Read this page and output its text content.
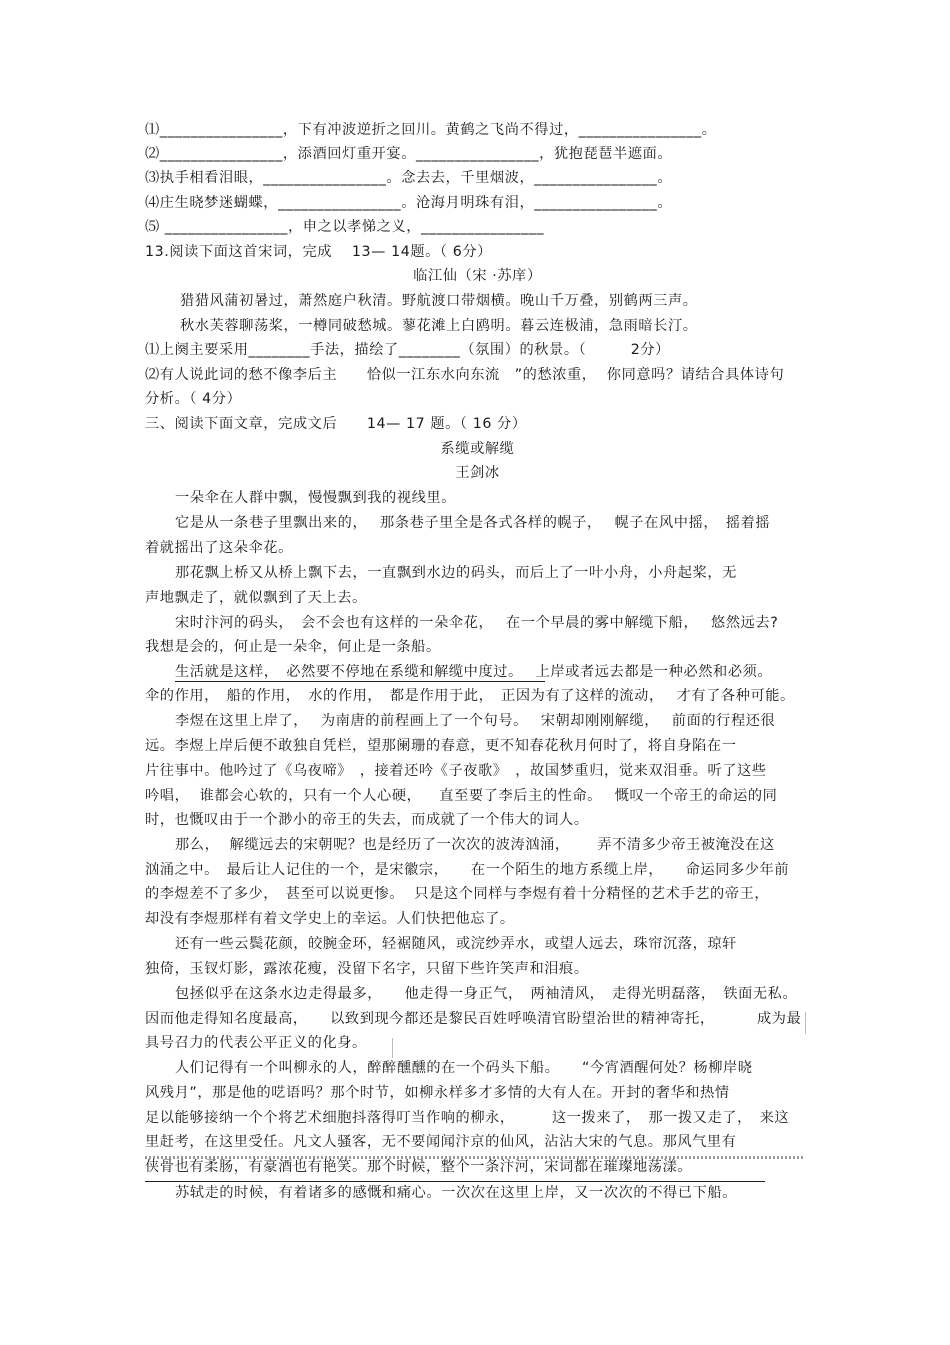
⑴________________，下有冲波逆折之回川。黄鹤之飞尚不得过，________________。
⑵________________，添酒回灯重开宴。________________，犹抱琵琶半遮面。
⑶执手相看泪眼，________________。念去去，千里烟波，________________。
⑷庄生晓梦迷蝴蝶，________________。沧海月明珠有泪，________________。
⑸ ________________，申之以孝悌之义，________________
13.阅读下面这首宋词，完成　 13— 14题。（ 6分）
临江仙（宋 ·苏庠）
猎猎风蒲初暑过，萧然庭户秋清。野航渡口带烟横。晚山千万叠，别鹤两三声。
秋水芙蓉聊荡桨，一樽同破愁城。蓼花滩上白鸥明。暮云连极浦，急雨暗长汀。
⑴上阕主要采用________手法，描绘了________（氛围）的秋景。（　　　2分）
⑵有人说此词的愁不像李后主　　恰似一江东水向东流　”的愁浓重，  你同意吗？请结合具体诗句
分析。（ 4分）
三、阅读下面文章，完成文后　　14— 17 题。（ 16 分）
系缆或解缆
王剑冰
一朵伞在人群中飘，慢慢飘到我的视线里。
它是从一条巷子里飘出来的，　 那条巷子里全是各式各样的幌子，　 幌子在风中摇，　摇着摇
着就摇出了这朵伞花。
那花飘上桥又从桥上飘下去，一直飘到水边的码头，而后上了一叶小舟，小舟起桨，无
声地飘走了，就似飘到了天上去。
宋时汴河的码头，　会不会也有这样的一朵伞花，　 在一个早晨的雾中解缆下船，　 悠然远去?
我想是会的，何止是一朵伞，何止是一条船。
生活就是这样，　必然要不停地在系缆和解缆中度过。　 上岸或者远去都是一种必然和必须。
伞的作用，　船的作用，　水的作用，　都是作用于此，　正因为有了这样的流动，　 才有了各种可能。
李煜在这里上岸了，　 为南唐的前程画上了一个句号。　 宋朝却刚刚解缆，　 前面的行程还很
远。李煜上岸后便不敢独自凭栏，望那阑珊的春意，更不知春花秋月何时了，将自身陷在一
片往事中。他吟过了《乌夜啼》　，接着还吟《子夜歌》　，故国梦重归，觉来双泪垂。听了这些
吟唱，  谁都会心软的，只有一个人心硬，　  直至要了李后主的性命。　 慨叹一个帝王的命运的同
时，也慨叹由于一个渺小的帝王的失去，而成就了一个伟大的词人。
那么，  解缆远去的宋朝呢？也是经历了一次次的波涛汹涌，　　 弄不清多少帝王被淹没在这
汹涌之中。　最后让人记住的一个，是宋徽宗，　　在一个陌生的地方系缆上岸，　　命运同多少年前
的李煜差不了多少，　甚至可以说更惨。  只是这个同样与李煜有着十分精怪的艺术手艺的帝王，
却没有李煜那样有着文学史上的幸运。人们快把他忘了。
还有一些云鬓花颜，皎腕金环，轻裾随风，或浣纱弄水，或望人远去，珠帘沉落，琼轩
独倚，玉钗灯影，露浓花瘦，没留下名字，只留下些许笑声和泪痕。
包拯似乎在这条水边走得最多，　　他走得一身正气，　两袖清风，　走得光明磊落，　铁面无私。
因而他走得知名度最高，　　以致到现今都还是黎民百姓呼唤清官盼望治世的精神寄托，　　　 成为最
具号召力的代表公平正义的化身。
人们记得有一个叫柳永的人，醉醉醺醺的在一个码头下船。　　“今宵酒醒何处？杨柳岸晓
风残月”，那是他的呓语吗？那个时节，如柳永样多才多情的大有人在。开封的奢华和热情
足以能够接纳一个个将艺术细胞抖落得叮当作响的柳永，　　　这一拨来了，　那一拨又走了，　来这
里赶考，在这里受任。凡文人骚客，无不要闻闻汴京的仙风，沾沾大宋的气息。那风气里有
侠骨也有柔肠，有豪酒也有艳笑。那个时候，整个一条汴河，宋词都在璀璨地荡漾。
苏轼走的时候，有着诸多的感慨和痛心。一次次在这里上岸，又一次次的不得已下船。
